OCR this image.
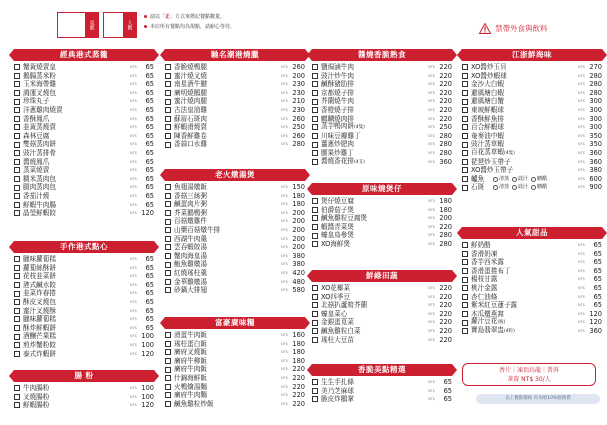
桌號	人數
請以「正」方式來標記餐點數量。
本店所有餐點均為現點，請耐心等待。	禁帶外食與飲料
經典港式蒸籠
蟹黃燒賣皇	NT$	65
鵝腸蒸米粉	NT$	65
玉米海帶雞	NT$	65
鴻運叉燒包	NT$	65
珍珠丸子	NT$	65
洋蔥雞肉燒賣	NT$	65
香酥鳳爪	NT$	65
韭黃蒸燒賣	NT$	65
森林豆腐	NT$	65
雙菇蒸肉餅	NT$	65
豉汁蒸排骨	NT$	65
醬燒鳳爪	NT$	65
蒸菜燒賣	NT$	65
糯米蒸肉包	NT$	65
腿肉蒸肉包	NT$	65
香茄汁燒	NT$	65
鮮蝦牛肉腸	NT$	65
晶瑩鮮蝦餃	NT$ 120
手作港式點心
臘味蘿蔔糕	NT$	65
蘿蔔絲酥餅	NT$	65
花枝韭菜餅	NT$	65
港式鹹水餃	NT$	65
韭菜炸春捲	NT$	65
酥皮叉燒包	NT$	65
蜜汁叉燒酥	NT$	65
臘味蘿蔔糕	NT$	65
酥炸鮮蝦餅	NT$	65
酒釀芒果糕	NT$ 100
煎炸蟹粉餃	NT$ 100
泰式炸蝦餅	NT$ 120
腸 粉
牛肉腸粉	NT$ 100
叉燒腸粉	NT$ 100
鮮蝦腸粉	NT$ 120
馳名潮港燒臘
香脆燒鴨腿	NT$ 260
蜜汁燒叉燒	NT$ 200
南星酒牛腱	NT$ 230
廣明燒鵝腿	NT$ 230
蜜汁燒肉腿	NT$ 210
古法皇油雞	NT$ 230
蘇眉石斑肉	NT$ 260
鮮蝦滑燒賣	NT$ 250
陳香鮮雞卷	NT$ 260
香蒜口水雞	NT$ 280
老火燉湯煲
魚翅湯燉飯	NT$ 150
香菇三絲粥	NT$ 180
鹹蛋肉片粥	NT$ 180
芥菜鵝鴨粥	NT$ 200
百菇燉雞件	NT$ 200
山藥百菇燉牛排	NT$ 200
西湖牛肉羹	NT$ 200
雲吞蝦餃湯	NT$ 200
蟹肉海皇湯	NT$ 380
鮑魚雞燉湯	NT$ 380
紅燒瑤柱羹	NT$ 420
金華雞燉湯	NT$ 480
砂鍋大排翅	NT$ 580
富豪廣味糧
滑蛋牛肉飯	NT$ 160
瑤柱蛋白飯	NT$ 180
廣府叉燒飯	NT$ 180
廣府牛柳飯	NT$ 180
廣府牛肉飯	NT$ 220
什錦海鮮飯	NT$ 220
火鴨燴湯麵	NT$ 220
廣府牛肉麵	NT$ 220
鹹魚雞粒炒飯	NT$ 220
醬燒香脆熟食
鹽焗滷牛肉	NT$ 220
豉汁炒牛肉	NT$ 220
鹹酥豬肋排	NT$ 220
京都燒子排	NT$ 220
芥蘭燒牛肉	NT$ 220
香橙燒子排	NT$ 220
麒麟燒肉排	NT$ 220
蒸芋鴨肉餅(4隻)	NT$ 250
川味豆瓣雞丁	NT$ 280
薑蔥炒肥肉	NT$ 280
腰果炒雞丁	NT$ 280
醬燒香花排(4支)	NT$ 360
原味燒煲仔
煲仔燒豆腐	NT$ 180
伯爵茄子煲	NT$ 180
鹹魚雞粒豆腐煲	NT$ 200
蝦醬青菜煲	NT$ 220
蠔皇鳥參煲	NT$ 280
XO海鮮煲	NT$ 280
鮮綠田蔬
XO花椰菜	NT$ 220
XO四季豆	NT$ 220
北菇扒蘆筍芥蘭	NT$ 220
蠔皇菜心	NT$ 220
金銀蛋莧菜	NT$ 220
鹹魚雞粒白菜	NT$ 220
瑤柱大豆苗	NT$ 220
香脆美點精選
生生手扎條	NT$	65
美乃芝麻球	NT$	65
脆皮炸鵝掌	NT$	65
江浙鮮海味
XO醬炒玉貝	NT$ 270
XO醬炒蝦球	NT$ 280
金沙大白蝦	NT$ 280
避風塘白蝦	NT$ 280
避風塘白蟹	NT$ 300
東坡鮮蝦球	NT$ 300
香酥鮮魚排	NT$ 300
百合鮮蝦球	NT$ 300
奄麥油中蝦	NT$ 350
豉汁蒸草蝦	NT$ 350
百花蒸草蝦(4隻)	NT$ 360
琵琶炒玉帶子	NT$ 360
XO醬炒玉帶子	NT$ 380
鱸魚	清蒸 豉汁 糖醋	NT$ 600
石斑	清蒸 豉汁 糖醋	NT$ 900
人氣甜品
鮮奶酪	NT$	65
香滑奶凍	NT$	65
香芋西米露	NT$	65
香滑蛋捲布丁	NT$	65
楊枝甘露	NT$	65
桃汁金露	NT$	65
杏仁油條	NT$	65
紫米紅豆蓮子露	NT$	65
木瓜燉燕窩	NT$ 120
蘿汁豆花(瓶)	NT$ 120
寶島翡翠盅(4粒)	NT$ 360
香片｜凍頂烏龍｜普洱
茶資 NT$ 30/人
以上餐點價格 均加收10%服務費
